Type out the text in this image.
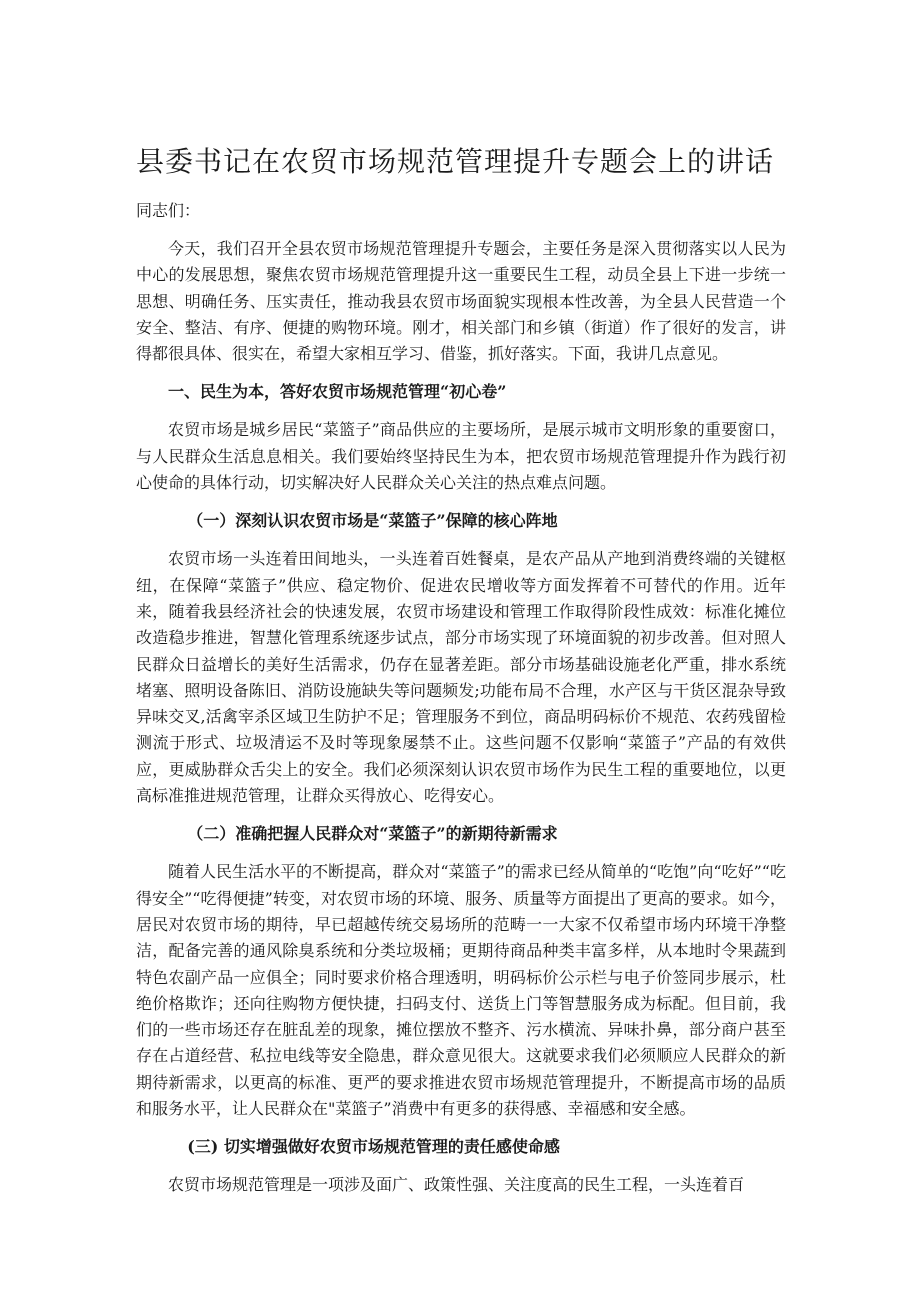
县委书记在农贸市场规范管理提升专题会上的讲话
同志们：

今天，我们召开全县农贸市场规范管理提升专题会，主要任务是深入贯彻落实以人民为中心的发展思想，聚焦农贸市场规范管理提升这一重要民生工程，动员全县上下进一步统一思想、明确任务、压实责任，推动我县农贸市场面貌实现根本性改善，为全县人民营造一个安全、整洁、有序、便捷的购物环境。刚才，相关部门和乡镇（街道）作了很好的发言，讲得都很具体、很实在，希望大家相互学习、借鉴，抓好落实。下面，我讲几点意见。

一、民生为本，答好农贸市场规范管理“初心卷”

农贸市场是城乡居民“菜篮子”商品供应的主要场所，是展示城市文明形象的重要窗口，与人民群众生活息息相关。我们要始终坚持民生为本，把农贸市场规范管理提升作为践行初心使命的具体行动，切实解决好人民群众关心关注的热点难点问题。

（一）深刻认识农贸市场是“菜篮子”保障的核心阵地

农贸市场一头连着田间地头，一头连着百姓餐桌，是农产品从产地到消费终端的关键枢纽，在保障“菜篮子”供应、稳定物价、促进农民增收等方面发挥着不可替代的作用。近年来，随着我县经济社会的快速发展，农贸市场建设和管理工作取得阶段性成效：标准化摊位改造稳步推进，智慧化管理系统逐步试点，部分市场实现了环境面貌的初步改善。但对照人民群众日益增长的美好生活需求，仍存在显著差距。部分市场基础设施老化严重，排水系统堵塞、照明设备陈旧、消防设施缺失等问题频发;功能布局不合理，水产区与干货区混杂导致异味交叉,活禽宰杀区域卫生防护不足；管理服务不到位，商品明码标价不规范、农药残留检测流于形式、垃圾清运不及时等现象屡禁不止。这些问题不仅影响“菜篮子”产品的有效供应，更威胁群众舌尖上的安全。我们必须深刻认识农贸市场作为民生工程的重要地位，以更高标准推进规范管理，让群众买得放心、吃得安心。

（二）准确把握人民群众对“菜篮子”的新期待新需求

随着人民生活水平的不断提高，群众对“菜篮子”的需求已经从简单的“吃饱”向“吃好”“吃得安全”“吃得便捷”转变，对农贸市场的环境、服务、质量等方面提出了更高的要求。如今，居民对农贸市场的期待，早已超越传统交易场所的范畴一一大家不仅希望市场内环境干净整洁，配备完善的通风除臭系统和分类垃圾桶；更期待商品种类丰富多样，从本地时令果蔬到特色农副产品一应俱全；同时要求价格合理透明，明码标价公示栏与电子价签同步展示，杜绝价格欺诈；还向往购物方便快捷，扫码支付、送货上门等智慧服务成为标配。但目前，我们的一些市场还存在脏乱差的现象，摊位摆放不整齐、污水横流、异味扑鼻，部分商户甚至存在占道经营、私拉电线等安全隐患，群众意见很大。这就要求我们必须顺应人民群众的新期待新需求，以更高的标准、更严的要求推进农贸市场规范管理提升，不断提高市场的品质和服务水平，让人民群众在"菜篮子”消费中有更多的获得感、幸福感和安全感。

(三) 切实增强做好农贸市场规范管理的责任感使命感

农贸市场规范管理是一项涉及面广、政策性强、关注度高的民生工程，一头连着百
